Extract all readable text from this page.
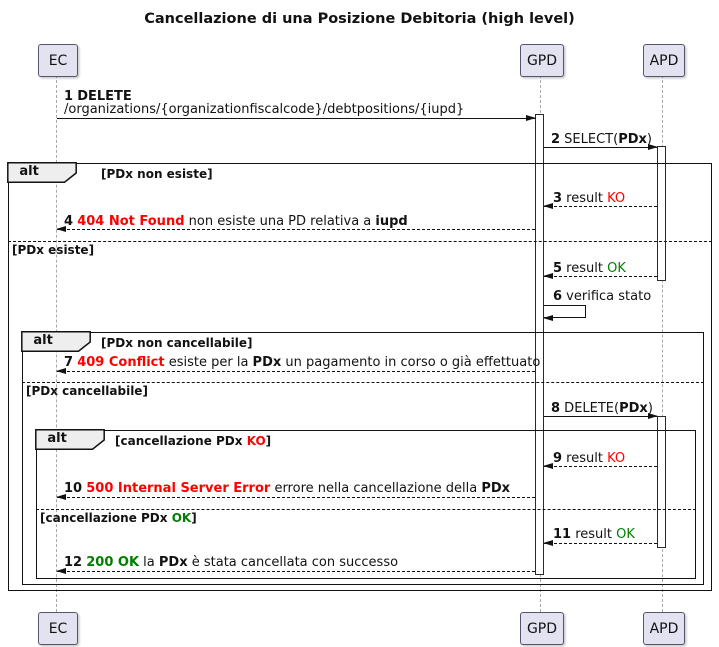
Cancellazione di una Posizione Debitoria (high level)
EC	GPD	APD
EC	GPD	APD
alt	[PDx non esiste]
alt	[PDx non cancellabile]
alt	[cancellazione PDx KO]
[PDx esiste]
[PDx cancellabile]
[cancellazione PDx OK]
1 DELETE
/organizations/{organizationfiscalcode}/debtpositions/{iupd}
2 SELECT(PDx)
3 result KO
4 404 Not Found non esiste una PD relativa a iupd
5 result OK
6 verifica stato
7 409 Conflict esiste per la PDx un pagamento in corso o già effettuato
8 DELETE(PDx)
9 result KO
10 500 Internal Server Error errore nella cancellazione della PDx
11 result OK
12 200 OK la PDx è stata cancellata con successo
